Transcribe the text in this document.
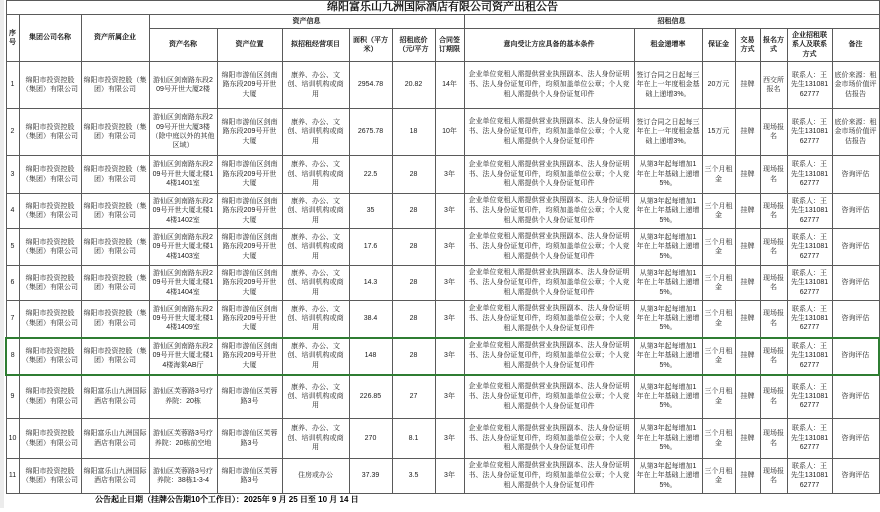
绵阳富乐山九洲国际酒店有限公司资产出租公告															
序号	集团公司名称	资产所属企业	资产信息						招租信息						
			资产名称	资产位置	拟招租经营项目	面积（平方米）	招租底价（元/平方	合同签订期限	意向受让方应具备的基本条件	租金递增率	保证金	交易方式	报名方式	企业招租联系人及联系方式	备注
1	绵阳市投资控股（集团）有限公司	绵阳市投资控股（集团）有限公司	游仙区剑南路东段209号开世大厦2楼	绵阳市游仙区剑南路东段209号开世大厦	康养、办公、文创、培训机构或商用	2954.78	20.82	14年	企业单位竞租人需提供营业执照副本、法人身份证明书、法人身份证复印件，均须加盖单位公章；个人竞租人需提供个人身份证复印件	签订合同之日起每三年在上一年度租金基础上递增3%。	20万元	挂牌	西交所报名	联系人：王先生13108162777	底价来源：租金市场价值评估报告
2	绵阳市投资控股（集团）有限公司	绵阳市投资控股（集团）有限公司	游仙区剑南路东段209号开世大厦3楼（除中庭以外的其他区域）	绵阳市游仙区剑南路东段209号开世大厦	康养、办公、文创、培训机构或商用	2675.78	18	10年	企业单位竞租人需提供营业执照副本、法人身份证明书、法人身份证复印件，均须加盖单位公章；个人竞租人需提供个人身份证复印件	签订合同之日起每三年在上一年度租金基础上递增3%。	15万元	挂牌	现场报名	联系人：王先生13108162777	底价来源：租金市场价值评估报告
3	绵阳市投资控股（集团）有限公司	绵阳市投资控股（集团）有限公司	游仙区剑南路东段209号开世大厦北楼14楼1401室	绵阳市游仙区剑南路东段209号开世大厦	康养、办公、文创、培训机构或商用	22.5	28	3年	企业单位竞租人需提供营业执照副本、法人身份证明书、法人身份证复印件，均须加盖单位公章；个人竞租人需提供个人身份证复印件	从第3年起每增加1年在上年基础上递增5%。	三个月租金	挂牌	现场报名	联系人：王先生13108162777	咨询评估
4	绵阳市投资控股（集团）有限公司	绵阳市投资控股（集团）有限公司	游仙区剑南路东段209号开世大厦北楼14楼1402室	绵阳市游仙区剑南路东段209号开世大厦	康养、办公、文创、培训机构或商用	35	28	3年	企业单位竞租人需提供营业执照副本、法人身份证明书、法人身份证复印件，均须加盖单位公章；个人竞租人需提供个人身份证复印件	从第3年起每增加1年在上年基础上递增5%。	三个月租金	挂牌	现场报名	联系人：王先生13108162777	咨询评估
5	绵阳市投资控股（集团）有限公司	绵阳市投资控股（集团）有限公司	游仙区剑南路东段209号开世大厦北楼14楼1403室	绵阳市游仙区剑南路东段209号开世大厦	康养、办公、文创、培训机构或商用	17.6	28	3年	企业单位竞租人需提供营业执照副本、法人身份证明书、法人身份证复印件，均须加盖单位公章；个人竞租人需提供个人身份证复印件	从第3年起每增加1年在上年基础上递增5%。	三个月租金	挂牌	现场报名	联系人：王先生13108162777	咨询评估
6	绵阳市投资控股（集团）有限公司	绵阳市投资控股（集团）有限公司	游仙区剑南路东段209号开世大厦北楼14楼1404室	绵阳市游仙区剑南路东段209号开世大厦	康养、办公、文创、培训机构或商用	14.3	28	3年	企业单位竞租人需提供营业执照副本、法人身份证明书、法人身份证复印件，均须加盖单位公章；个人竞租人需提供个人身份证复印件	从第3年起每增加1年在上年基础上递增5%。	三个月租金	挂牌	现场报名	联系人：王先生13108162777	咨询评估
7	绵阳市投资控股（集团）有限公司	绵阳市投资控股（集团）有限公司	游仙区剑南路东段209号开世大厦北楼14楼1409室	绵阳市游仙区剑南路东段209号开世大厦	康养、办公、文创、培训机构或商用	38.4	28	3年	企业单位竞租人需提供营业执照副本、法人身份证明书、法人身份证复印件，均须加盖单位公章；个人竞租人需提供个人身份证复印件	从第3年起每增加1年在上年基础上递增5%。	三个月租金	挂牌	现场报名	联系人：王先生13108162777	咨询评估
8	绵阳市投资控股（集团）有限公司	绵阳市投资控股（集团）有限公司	游仙区剑南路东段209号开世大厦北楼14楼海棠AB厅	绵阳市游仙区剑南路东段209号开世大厦	康养、办公、文创、培训机构或商用	148	28	3年	企业单位竞租人需提供营业执照副本、法人身份证明书、法人身份证复印件，均须加盖单位公章；个人竞租人需提供个人身份证复印件	从第3年起每增加1年在上年基础上递增5%。	三个月租金	挂牌	现场报名	联系人：王先生13108162777	咨询评估
9	绵阳市投资控股（集团）有限公司	绵阳富乐山九洲国际酒店有限公司	游仙区芙蓉路3号疗养院：20栋	绵阳市游仙区芙蓉路3号	康养、办公、文创、培训机构或商用	226.85	27	3年	企业单位竞租人需提供营业执照副本、法人身份证明书、法人身份证复印件，均须加盖单位公章；个人竞租人需提供个人身份证复印件	从第3年起每增加1年在上年基础上递增5%。	三个月租金	挂牌	现场报名	联系人：王先生13108162777	咨询评估
10	绵阳市投资控股（集团）有限公司	绵阳富乐山九洲国际酒店有限公司	游仙区芙蓉路3号疗养院：20栋前空地	绵阳市游仙区芙蓉路3号	康养、办公、文创、培训机构或商用	270	8.1	3年	企业单位竞租人需提供营业执照副本、法人身份证明书、法人身份证复印件，均须加盖单位公章；个人竞租人需提供个人身份证复印件	从第3年起每增加1年在上年基础上递增5%。	三个月租金	挂牌	现场报名	联系人：王先生13108162777	咨询评估
11	绵阳市投资控股（集团）有限公司	绵阳富乐山九洲国际酒店有限公司	游仙区芙蓉路3号疗养院：38栋1-3-4	绵阳市游仙区芙蓉路3号	住房或办公	37.39	3.5	3年	企业单位竞租人需提供营业执照副本、法人身份证明书、法人身份证复印件，均须加盖单位公章；个人竞租人需提供个人身份证复印件	从第3年起每增加1年在上年基础上递增5%。	三个月租金	挂牌	现场报名	联系人：王先生13108162777	咨询评估
公告起止日期（挂牌公告期10个工作日）：2025年 9 月 25 日至 10 月 14 日
